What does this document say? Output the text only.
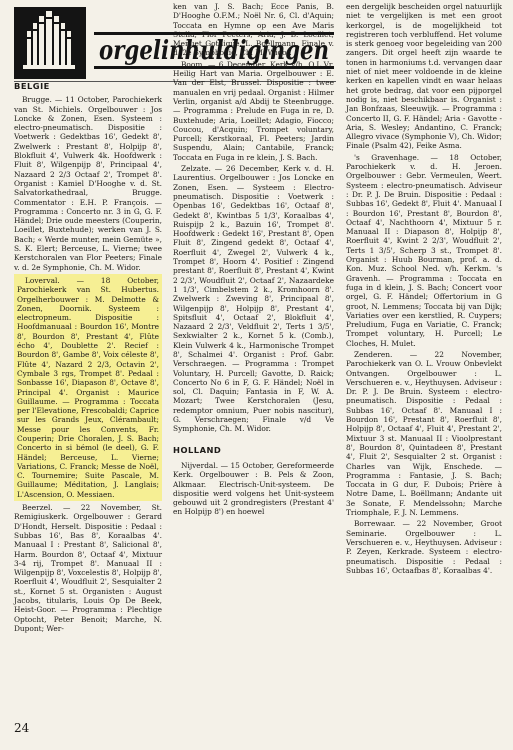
orgelinhuldigingen
BELGIE

Brugge. — 11 October, Parochiekerk van St. Michiels. Orgelbouwer : Jos Loncke & Zonen, Esen. Systeem : electro-pneumatisch. Dispositie : Voetwerk : Gedektbas 16', Gedekt 8', Zwelwerk : Prestant 8', Holpijp 8', Blokfluit 4', Vulwerk 4k. Hoofdwerk : Fluit 8', Wilgenpijp 8', Principaal 4', Nazaard 2 2/3 Octaaf 2', Trompet 8'. Organist : Kamiel D'Hooghe v. d. St. Salvatorkathedraal, Brugge. Commentator : E.H. P. François. — Programma : Concerto nr. 3 in G, G. F. Händel; Drie oude meesters (Couperin, Loeillet, Buxtehude); werken van J. S. Bach; « Werde munter, mein Gemüte », S. K. Elert; Berceuse, L. Vierne; twee Kerstchoralen van Flor Peeters; Finale v. d. 2e Symphonie, Ch. M. Widor.

Loverval. — 18 October, Parochiekerk van St. Hubertus. Orgelherbouwer : M. Delmotte & Zonen, Doornik. Systeem : electropneum. Dispositie : Hoofdmanuaal : Bourdon 16', Montre 8', Bourdon 8', Prestant 4', Flûte écho 4', Doublette 2'. Recief : Bourdon 8', Gambe 8', Voix céleste 8', Flûte 4', Nazard 2 2/3, Octavin 2', Cymbale 3 rgs, Trompet 8'. Pedaal : Sonbasse 16', Diapason 8', Octave 8', Principal 4'. Organist : Maurice Guillaume. — Programma : Toccata per l'Elevatione, Frescobaldi; Caprice sur les Grands Jeux, Clérambault; Messe pour les Convents, Fr. Couperin; Drie Choralen, J. S. Bach; Concerto in si bémol (le deel), G. F. Händel; Berceuse, L. Vierne; Variations, C. Franck; Messe de Noël, C. Tournemire; Suite Pascale, M. Guillaume; Méditation, J. Langlais; L'Ascension, O. Messiaen.

Beerzel. — 22 November, St. Remigiuskerk. Orgelbouwer : Gerard D'Hondt, Herselt. Dispositie : Pedaal : Subbas 16', Bas 8', Koraalbas 4'. Manuaal I : Prestant 8', Salicional 8', Harm. Bourdon 8', Octaaf 4', Mixtuur 3-4 rij, Trompet 8'. Manuaal II : Wilgenpijp 8', Voxcelestis 8', Holpijp 8', Roerfluit 4', Woudfluit 2', Sesquialter 2 st., Kornet 5 st. Organisten : August Jacobs, titularis, Louis Op De Beek, Heist-Goor. — Programma : Plechtige Optocht, Peter Benoit; Marche, N. Dupont; Wer-

ken van J. S. Bach; Ecce Panis, B. D'Hooghe O.F.M.; Noël Nr. 6, Cl. d'Aquin; Toccata en Hymne op een Ave Maris Stella, Flor Peeters; Aria, J. B. Loeillet; Menuet Gothique, L. Boëllmann, Finale v. d. 2e Symphonie, Ch. M. Widor.

Boom. — 6 December, Kerk v/h. O.L.Vr. Heilig Hart van Maria. Orgelbouwer : E. Van der Elst, Brussel. Dispositie : twee manualen en vrij pedaal. Organist : Hilmer Verlin, organist a/d Abdij te Steenbrugge. — Programma : Prelude en Fuga in re, D. Buxtehude; Aria, Loeillet; Adagio, Fiocco; Coucou, d'Acquin; Trompet voluntary, Purcell; Kerstkoraal, Fl. Peeters; Jardin Suspendu, Alain; Cantabile, Franck; Toccata en Fuga in re klein, J. S. Bach.

Zelzate. — 26 December, Kerk v. d. H. Laurentius. Orgelbouwer : Jos Loncke en Zonen, Esen. — Systeem : Electro-pneumatisch. Dispositie : Voetwerk : Openbas 16', Gedektbas 16', Octaaf 8', Gedekt 8', Kwintbas 5 1/3', Koraalbas 4', Ruispijp 2 k., Bazuin 16', Trompet 8'. Hoofdwerk : Gedekt 16', Prestant 8', Open Fluit 8', Zingend gedekt 8', Octaaf 4', Roerfluit 4', Zwegel 2', Vulwerk 4 k., Trompet 8', Hoorn 4'. Positief : Zingend prestant 8', Roerfluit 8', Prestant 4', Kwint 2 2/3', Woudfluit 2', Octaaf 2', Nazaardeke 1 1/3', Cimbelstem 2 k., Kromhoorn 8'. Zwelwerk : Zweving 8', Principaal 8', Wilgenpijp 8', Holpijp 8', Prestant 4', Spitsfluit 4', Octaaf 2', Blokfluit 4', Nazaard 2 2/3', Veldfluit 2', Terts 1 3/5', Sexkwialter 2 k., Kornet 5 k. (Comb.), Klein Vulwerk 4 k., Harmonische Trompet 8', Schalmei 4'. Organist : Prof. Gabr. Verschraegen. — Programma : Trompet Voluntary, H. Purcell; Gavotte, D. Raick; Concerto No 6 in F, G. F. Händel; Noël in sol, Cl. Daquin; Fantasia in F, W. A. Mozart; Twee Kerstchoralen (Jesu, redemptor omnium, Puer nobis nascitur), G. Verschraegen; Finale v/d Ve Symphonie, Ch. M. Widor.

HOLLAND

Nijverdal. — 15 October, Gereformeerde Kerk. Orgelbouwer : B. Pels & Zoon, Alkmaar. Electrisch-Unit-systeem. De dispositie werd volgens het Unit-systeem gebouwd uit 2 grondregisters (Prestant 4' en Holpijp 8') en hoewel

een dergelijk bescheiden orgel natuurlijk niet te vergelijken is met een groot kerkorgel, is de mogelijkheid tot registreren toch verbluffend. Het volume is sterk genoeg voor begeleiding van 200 zangers. Dit orgel heeft zijn waarde te tonen in harmoniums t.d. vervangen daar niet of niet meer voldoende in de kleine kerken en kapellen vindt en waar helaas het grote bedrag, dat voor een pijporgel nodig is, niet beschikbaar is. Organist : Jan Bonfzaas, Sleeuwijk. — Programma : Concerto II, G. F. Händel; Aria - Gavotte - Aria, S. Wesley; Andantino, C. Franck; Allegro vivace (Symphonie V), Ch. Widor; Finale (Psalm 42), Feike Asma.

's Gravenhage. — 18 October, Parochiekerk v. d. H. Jeroen. Orgelbouwer : Gebr. Vermeulen, Weert. Systeem : electro-pneumatisch. Adviseur : Dr. P. J. De Bruin. Dispositie : Pedaal : Subbas 16', Gedekt 8', Fluit 4'. Manuaal I : Bourdon 16', Prestant 8', Bourdon 8', Octaaf 4', Nachthoorn 4', Mixtuur 5 r. Manuaal II : Diapason 8', Holpijp 8', Roerfluit 4', Kwint 2 2/3', Woudfluit 2', Terts 1 3/5', Scherp 3 st., Trompet 8'. Organist : Huub Bourman, prof. a. d. Kon. Muz. School Ned. v/h. Kerkm. 's Gravenh. — Programma : Toccata en fuga in d klein, J. S. Bach; Concert voor orgel, G. F. Händel; Offertorium in G groot, N. Lemmens; Toccata bij van Dijk; Variaties over een kerstlied, R. Cuypers; Preludium, Fuga en Variatie, C. Franck; Trompet voluntary, H. Purcell; Le Cloches, H. Mulet.

Zenderen. — 22 November, Parochiekerk van O. L. Vrouw Onbevlekt Ontvangen. Orgelbouwer : L. Verschueren e. v., Heythuysen. Adviseur : Dr. P. J. De Bruin. Systeem : electro-pneumatisch. Dispositie : Pedaal : Subbas 16', Octaaf 8'. Manuaal I : Bourdon 16', Prestant 8', Roerfluit 8', Holpijp 8', Octaaf 4', Fluit 4', Prestant 2', Mixtuur 3 st. Manuaal II : Vioolprestant 8', Bourdon 8', Quintadeen 8', Prestant 4', Fluit 2', Sesquialter 2 st. Organist : Charles van Wijk, Enschede. — Programma : Fantasie, J. S. Bach; Toccata in G dur, F. Dubois; Prière à Notre Dame, L. Boëllmann; Andante uit 3e Sonate, F. Mendelssohn; Marche Triomphale, F. J. N. Lemmens.

Borrewaar. — 22 November, Groot Seminarie. Orgelbouwer : L. Verschueren e. v., Heythuysen. Adviseur : P. Zeyen, Kerkrade. Systeem : electro-pneumatisch. Dispositie : Pedaal : Subbas 16', Octaafbas 8', Koraalbas 4'.

24
